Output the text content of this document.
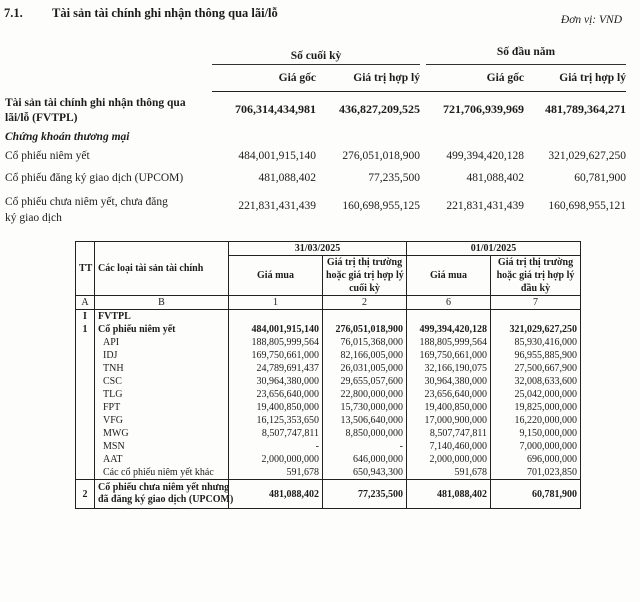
7.1. Tài sản tài chính ghi nhận thông qua lãi/lỗ	Đơn vị: VND
Số cuối kỳ	Số đầu năm
Giá gốc	Giá trị hợp lý	Giá gốc	Giá trị hợp lý
Tài sản tài chính ghi nhận thông qua
lãi/lỗ (FVTPL)
706,314,434,981	436,827,209,525	721,706,939,969	481,789,364,271
Chứng khoán thương mại
Cổ phiếu niêm yết	484,001,915,140	276,051,018,900	499,394,420,128	321,029,627,250
Cổ phiếu đăng ký giao dịch (UPCOM)	481,088,402	77,235,500	481,088,402	60,781,900
Cổ phiếu chưa niêm yết, chưa đăng
ký giao dịch
221,831,431,439	160,698,955,125	221,831,431,439	160,698,955,121
TT	Các loại tài sản tài chính	31/03/2025		01/01/2025	
		Giá mua	Giá trị thị trường	Giá mua	Giá trị thị trường
			hoặc giá trị hợp lý		hoặc giá trị hợp lý
			cuối kỳ		đầu kỳ
A	B	1	2	6	7
I	FVTPL				
1	Cổ phiếu niêm yết	484,001,915,140	276,051,018,900	499,394,420,128	321,029,627,250
	API	188,805,999,564	76,015,368,000	188,805,999,564	85,930,416,000
	IDJ	169,750,661,000	82,166,005,000	169,750,661,000	96,955,885,900
	TNH	24,789,691,437	26,031,005,000	32,166,190,075	27,500,667,900
	CSC	30,964,380,000	29,655,057,600	30,964,380,000	32,008,633,600
	TLG	23,656,640,000	22,800,000,000	23,656,640,000	25,042,000,000
	FPT	19,400,850,000	15,730,000,000	19,400,850,000	19,825,000,000
	VFG	16,125,353,650	13,506,640,000	17,000,900,000	16,220,000,000
	MWG	8,507,747,811	8,850,000,000	8,507,747,811	9,150,000,000
	MSN	-	-	7,140,460,000	7,000,000,000
	AAT	2,000,000,000	646,000,000	2,000,000,000	696,000,000
	Các cổ phiếu niêm yết khác	591,678	650,943,300	591,678	701,023,850
2	Cổ phiếu chưa niêm yết nhưng
đã đăng ký giao dịch (UPCOM)	481,088,402	77,235,500	481,088,402	60,781,900
